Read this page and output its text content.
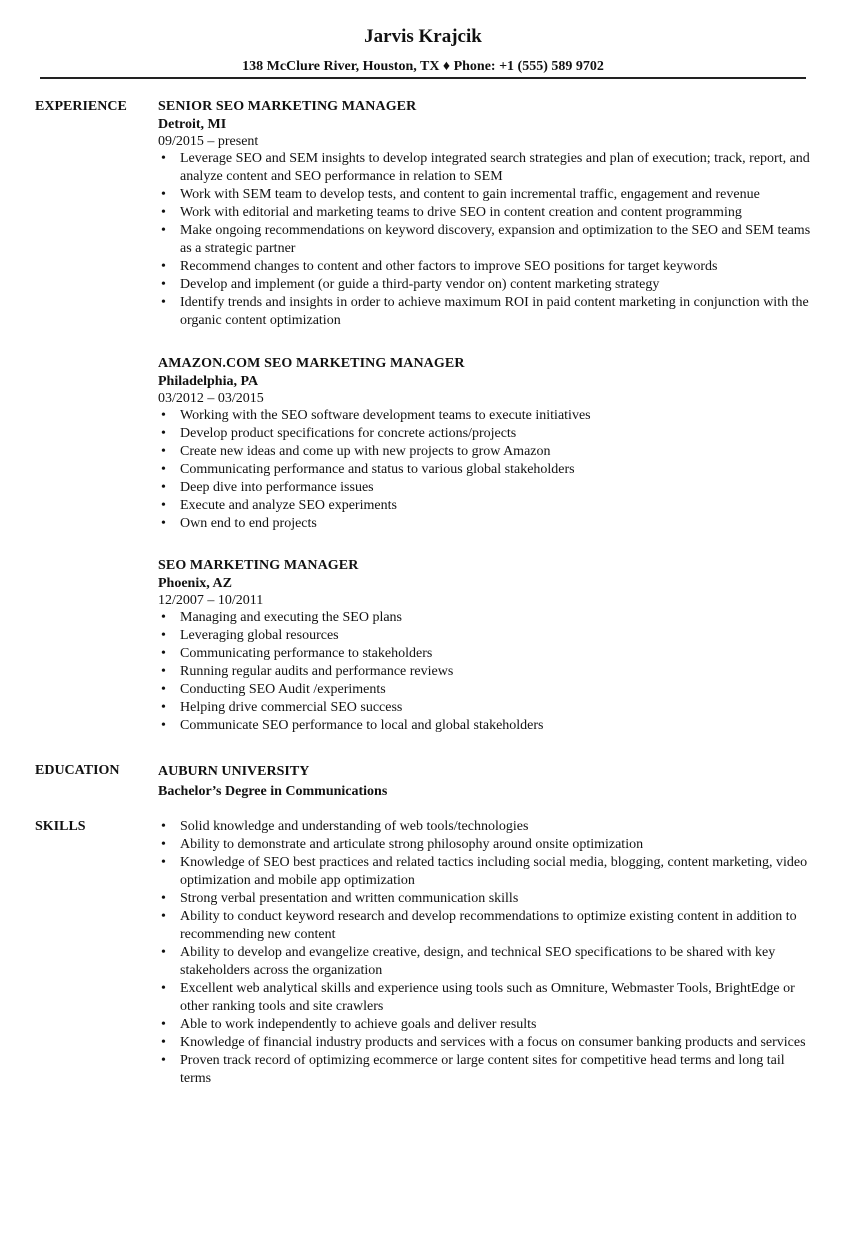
Jarvis Krajcik
138 McClure River, Houston, TX ♦ Phone: +1 (555) 589 9702
EXPERIENCE SENIOR SEO MARKETING MANAGER
Detroit, MI
09/2015 – present
• Leverage SEO and SEM insights to develop integrated search strategies and plan of execution; track, report, and analyze content and SEO performance in relation to SEM
• Work with SEM team to develop tests, and content to gain incremental traffic, engagement and revenue
• Work with editorial and marketing teams to drive SEO in content creation and content programming
• Make ongoing recommendations on keyword discovery, expansion and optimization to the SEO and SEM teams as a strategic partner
• Recommend changes to content and other factors to improve SEO positions for target keywords
• Develop and implement (or guide a third-party vendor on) content marketing strategy
• Identify trends and insights in order to achieve maximum ROI in paid content marketing in conjunction with the organic content optimization
AMAZON.COM SEO MARKETING MANAGER
Philadelphia, PA
03/2012 – 03/2015
• Working with the SEO software development teams to execute initiatives
• Develop product specifications for concrete actions/projects
• Create new ideas and come up with new projects to grow Amazon
• Communicating performance and status to various global stakeholders
• Deep dive into performance issues
• Execute and analyze SEO experiments
• Own end to end projects
SEO MARKETING MANAGER
Phoenix, AZ
12/2007 – 10/2011
• Managing and executing the SEO plans
• Leveraging global resources
• Communicating performance to stakeholders
• Running regular audits and performance reviews
• Conducting SEO Audit /experiments
• Helping drive commercial SEO success
• Communicate SEO performance to local and global stakeholders
EDUCATION	AUBURN UNIVERSITY
Bachelor’s Degree in Communications
SKILLS
•	Solid knowledge and understanding of web tools/technologies
• Ability to demonstrate and articulate strong philosophy around onsite optimization
• Knowledge of SEO best practices and related tactics including social media, blogging, content marketing, video optimization and mobile app optimization
• Strong verbal presentation and written communication skills
• Ability to conduct keyword research and develop recommendations to optimize existing content in addition to recommending new content
• Ability to develop and evangelize creative, design, and technical SEO specifications to be shared with key stakeholders across the organization
• Excellent web analytical skills and experience using tools such as Omniture, Webmaster Tools, BrightEdge or other ranking tools and site crawlers
• Able to work independently to achieve goals and deliver results
• Knowledge of financial industry products and services with a focus on consumer banking products and services
• Proven track record of optimizing ecommerce or large content sites for competitive head terms and long tail terms
